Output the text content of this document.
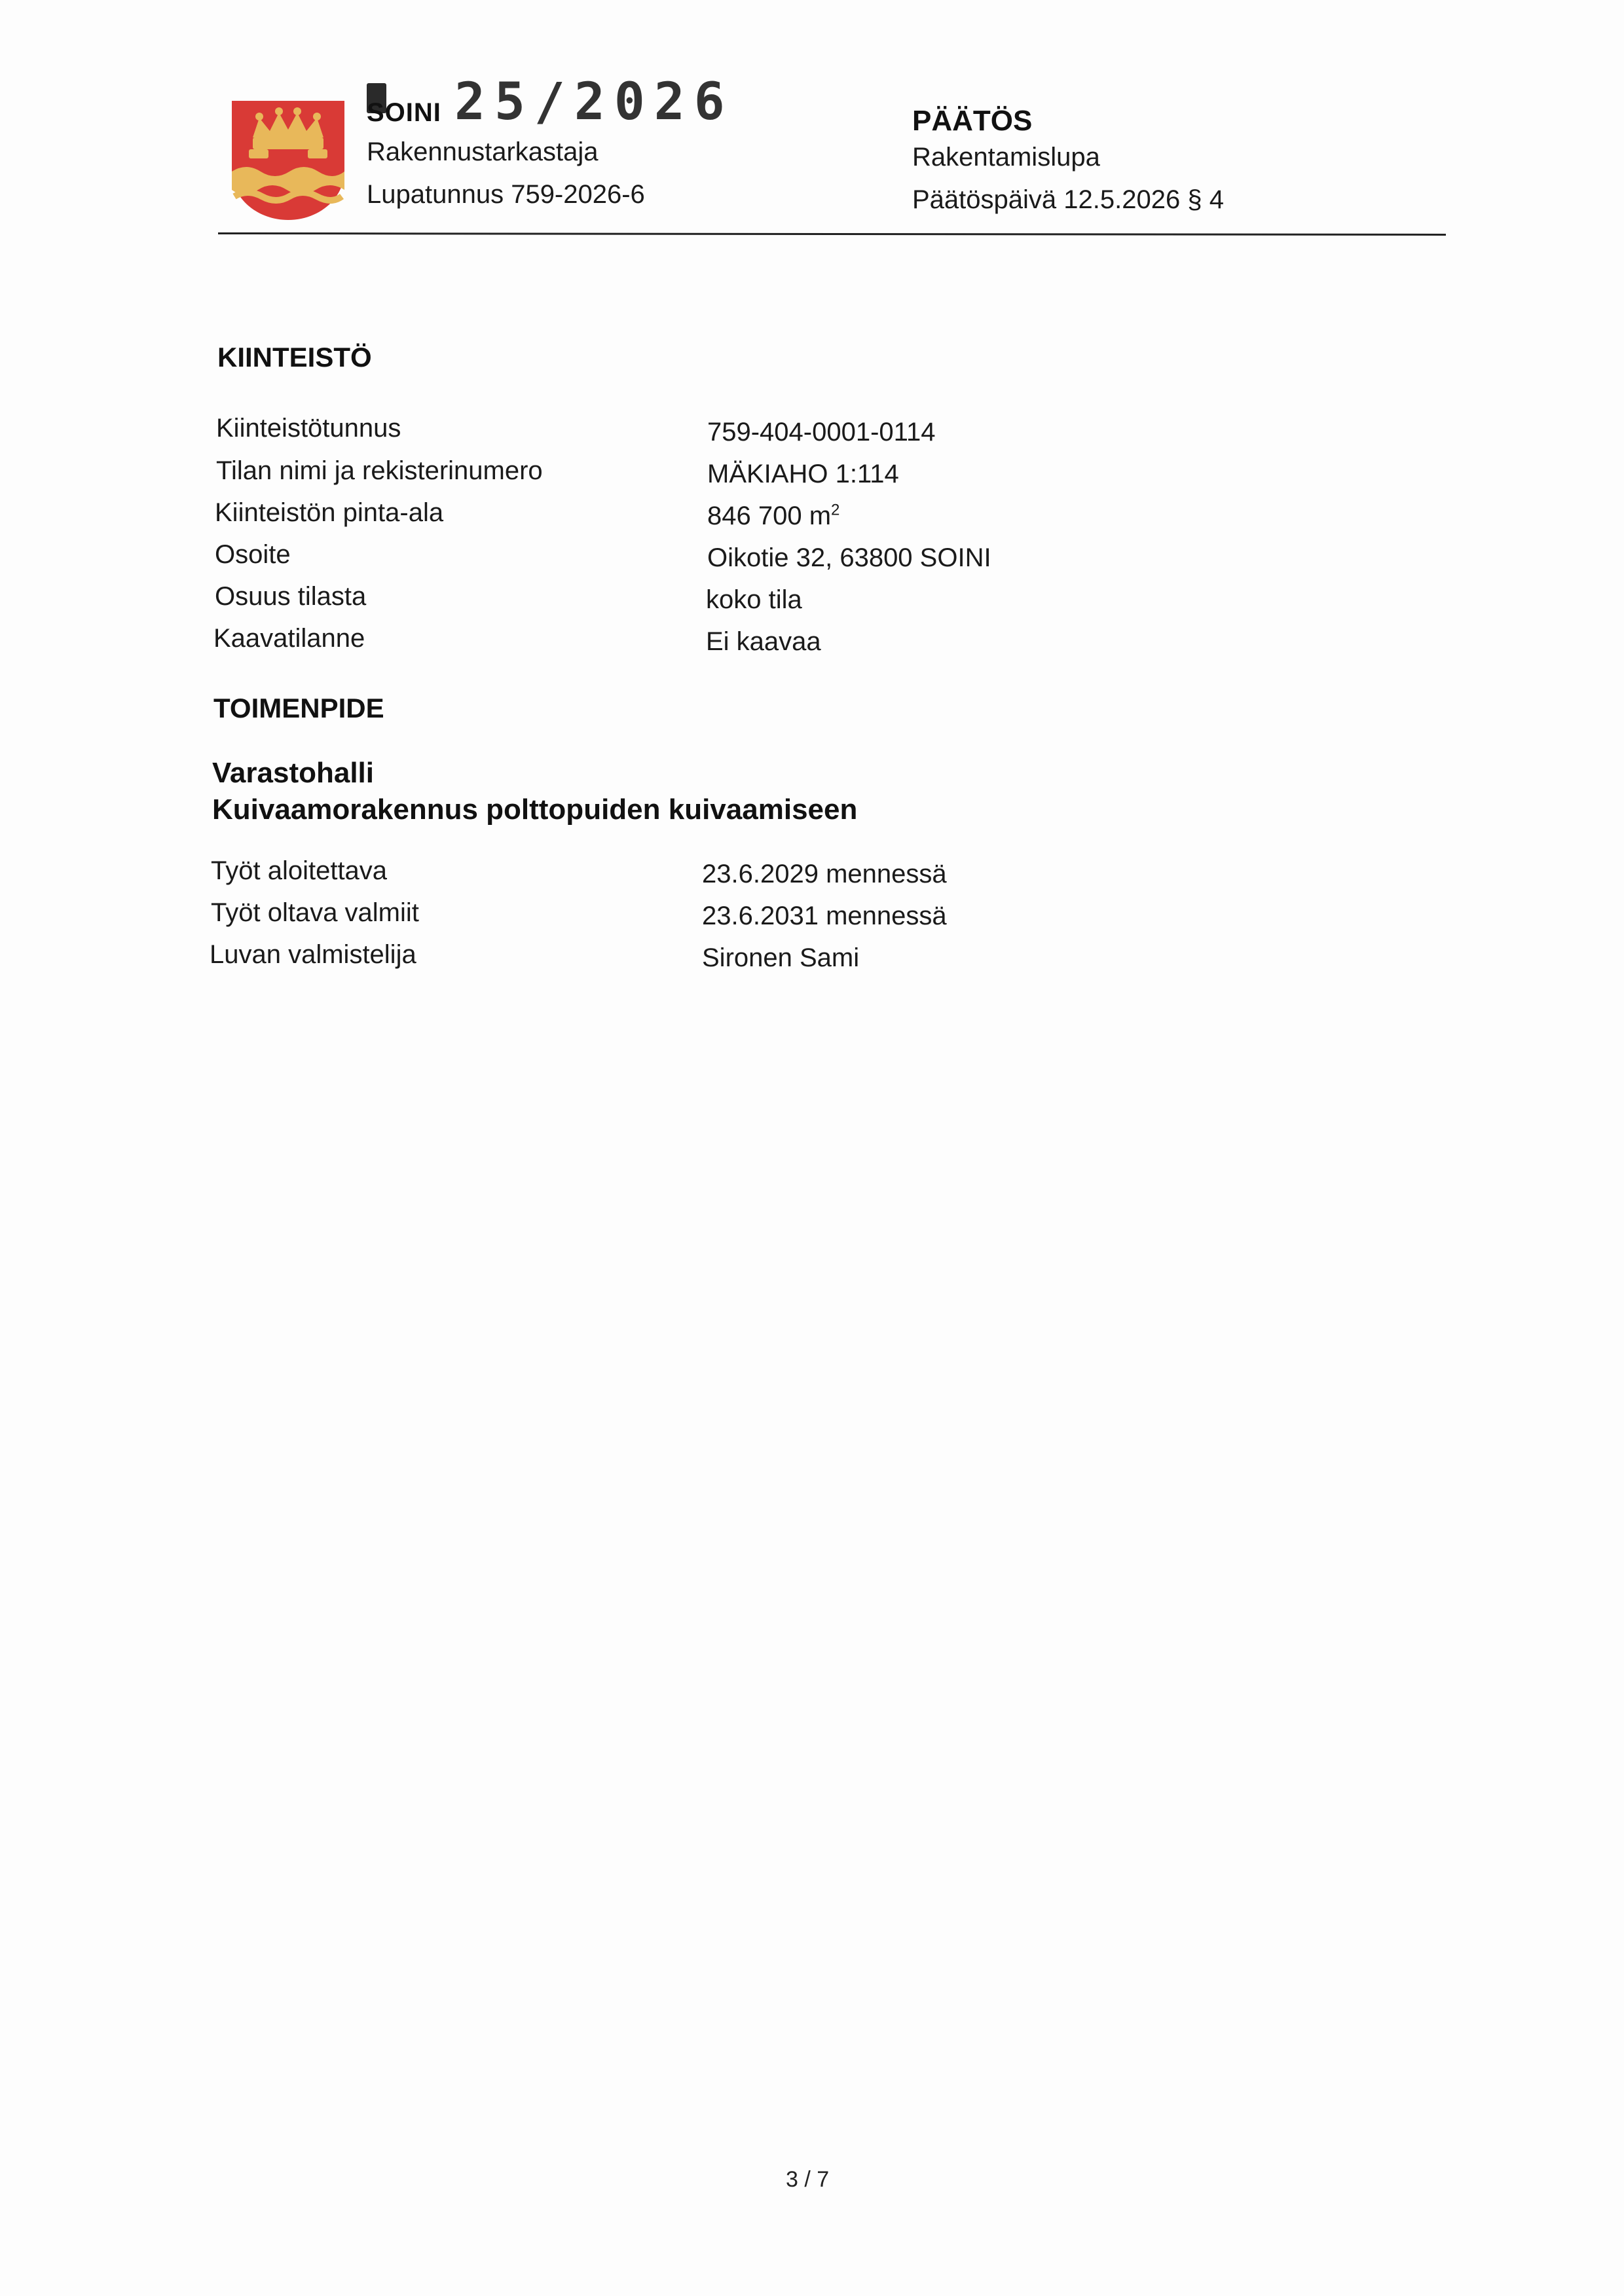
25/2026
SOINI
Rakennustarkastaja
Lupatunnus 759-2026-6
PÄÄTÖS
Rakentamislupa
Päätöspäivä 12.5.2026 § 4
KIINTEISTÖ
Kiinteistötunnus	759-404-0001-0114
Tilan nimi ja rekisterinumero	MÄKIAHO 1:114
Kiinteistön pinta-ala	846 700 $m^2$
Osoite	Oikotie 32, 63800 SOINI
Osuus tilasta	koko tila
Kaavatilanne	Ei kaavaa
TOIMENPIDE
Varastohalli
Kuivaamorakennus polttopuiden kuivaamiseen
Työt aloitettava	23.6.2029 mennessä
Työt oltava valmiit	23.6.2031 mennessä
Luvan valmistelija	Sironen Sami
3 / 7
